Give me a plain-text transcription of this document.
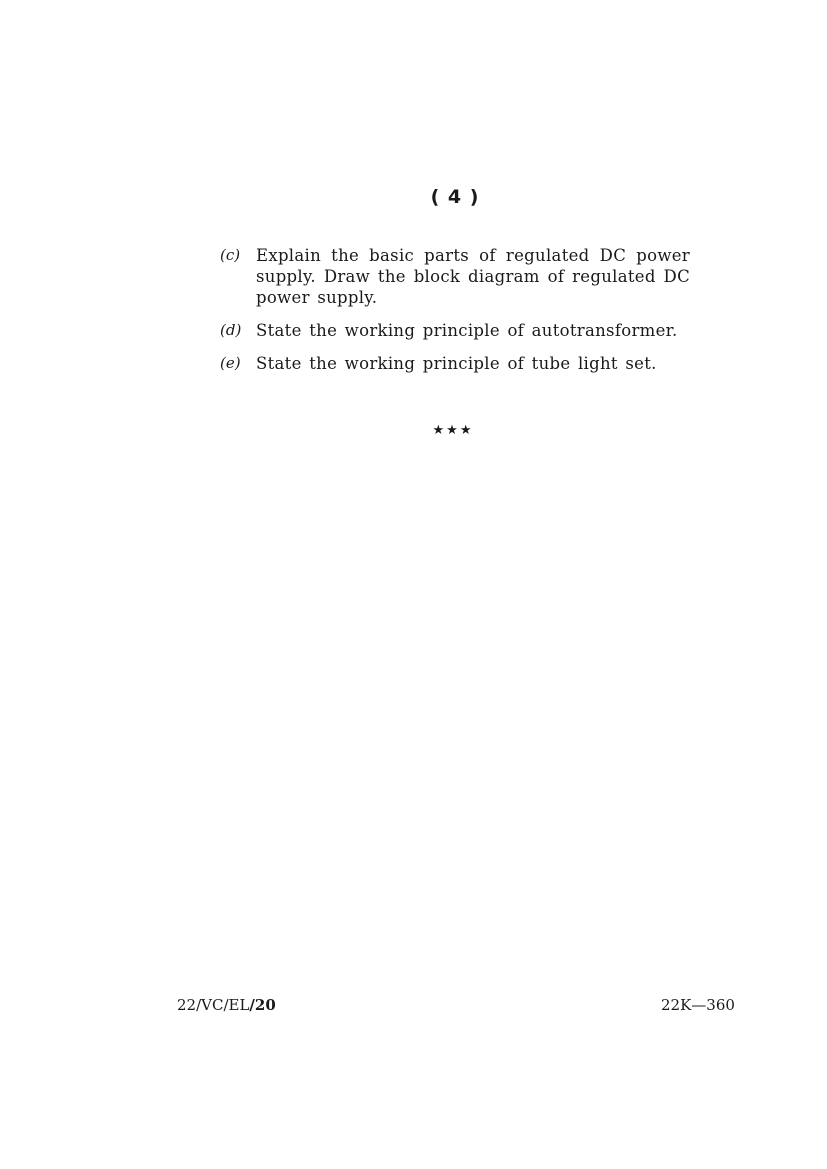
( 4 )
(c) Explain the basic parts of regulated DC power supply. Draw the block diagram of regulated DC power supply.
(d) State the working principle of autotransformer.
(e) State the working principle of tube light set.
★★★
22/VC/EL/20	22K—360
